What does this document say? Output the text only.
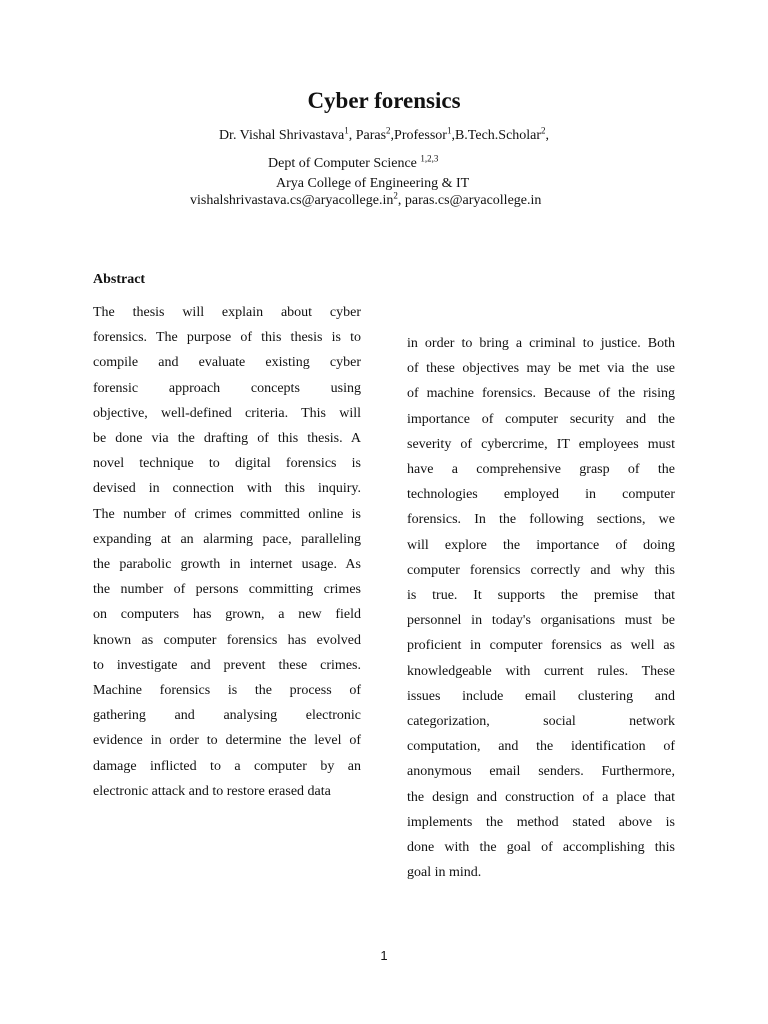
Cyber forensics
Dr. Vishal Shrivastava$^1$, Paras$^2$,Professor$^1$,B.Tech.Scholar$^2$,
Dept of Computer Science $^{1,2,3}$
Arya College of Engineering & IT
$vishalshrivastava.cs@aryacollege.in^2$, paras.cs@aryacollege.in
Abstract
The thesis will explain about cyber
forensics. The purpose of this thesis is to
compile and evaluate existing cyber
forensic approach concepts using
objective, well-defined criteria. This will
be done via the drafting of this thesis. A
novel technique to digital forensics is
devised in connection with this inquiry.
The number of crimes committed online is
expanding at an alarming pace, paralleling
the parabolic growth in internet usage. As
the number of persons committing crimes
on computers has grown, a new field
known as computer forensics has evolved
to investigate and prevent these crimes.
Machine forensics is the process of
gathering and analysing electronic
evidence in order to determine the level of
damage inflicted to a computer by an
electronic attack and to restore erased data
in order to bring a criminal to justice. Both
of these objectives may be met via the use
of machine forensics. Because of the rising
importance of computer security and the
severity of cybercrime, IT employees must
have a comprehensive grasp of the
technologies employed in computer
forensics. In the following sections, we
will explore the importance of doing
computer forensics correctly and why this
is true. It supports the premise that
personnel in today's organisations must be
proficient in computer forensics as well as
knowledgeable with current rules. These
issues include email clustering and
categorization, social network
computation, and the identification of
anonymous email senders. Furthermore,
the design and construction of a place that
implements the method stated above is
done with the goal of accomplishing this
goal in mind.
1
